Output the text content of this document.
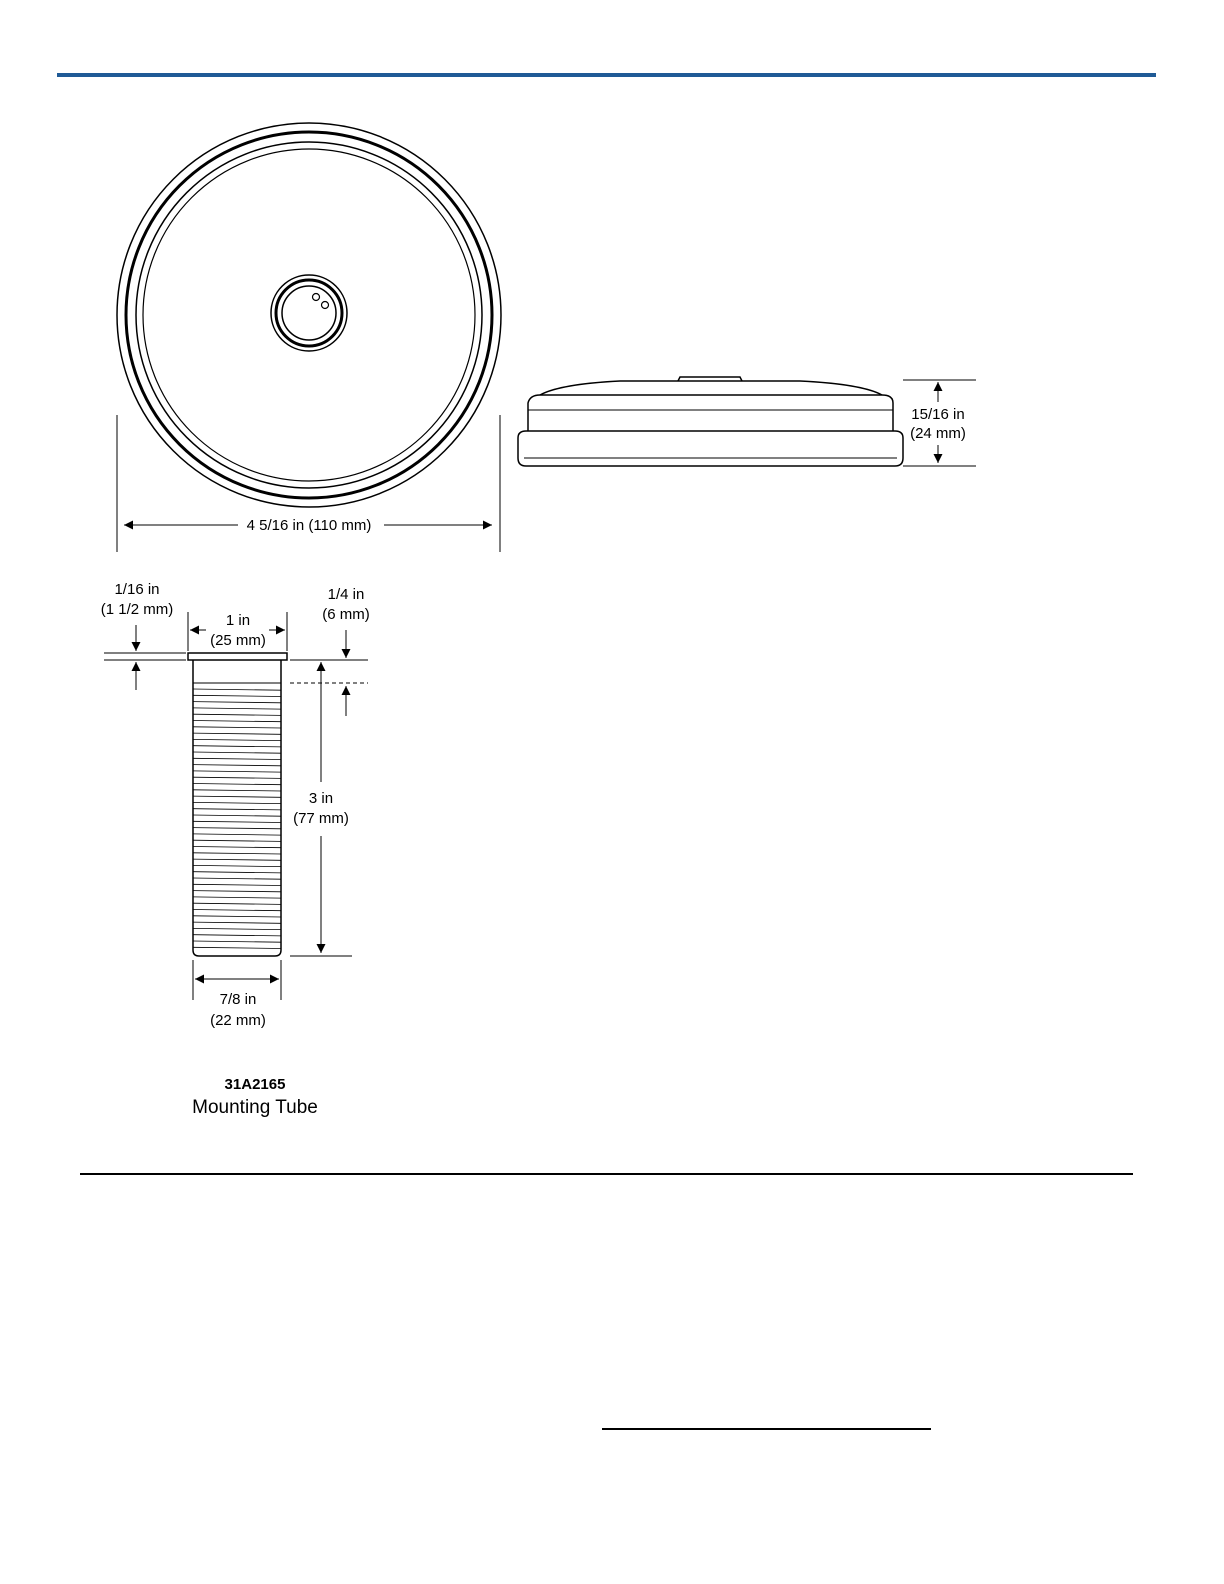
4 5/16 in (110 mm)
15/16 in
(24 mm)
1/16 in
(1 1/2 mm)
1 in
(25 mm)
1/4 in
(6 mm)
3 in
(77 mm)
7/8 in
(22 mm)
31A2165
Mounting Tube
